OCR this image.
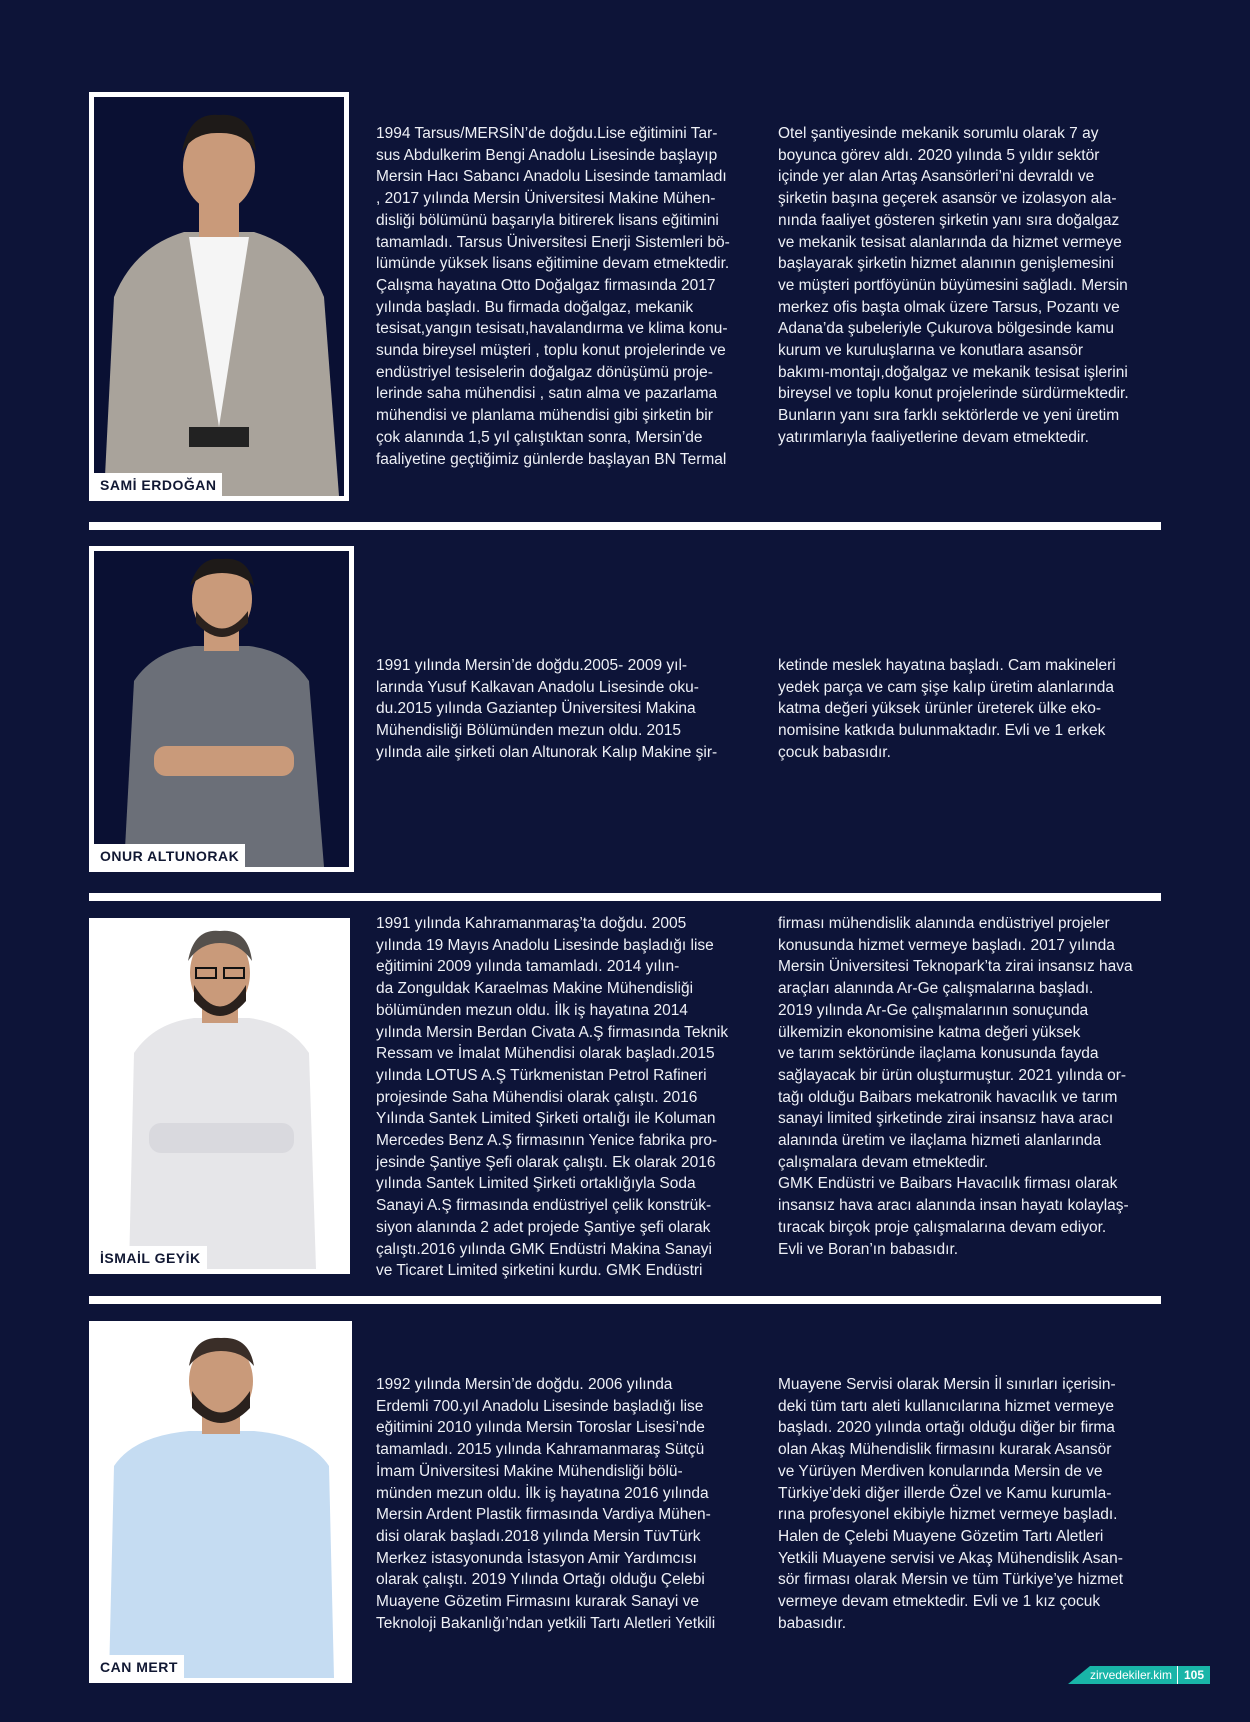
SAMİ ERDOĞAN
1994 Tarsus/MERSİN’de doğdu.Lise eğitimini Tar-
sus Abdulkerim Bengi Anadolu Lisesinde başlayıp
Mersin Hacı Sabancı Anadolu Lisesinde tamamladı
, 2017 yılında Mersin Üniversitesi Makine Mühen-
disliği bölümünü başarıyla bitirerek lisans eğitimini
tamamladı. Tarsus Üniversitesi Enerji Sistemleri bö-
lümünde yüksek lisans eğitimine devam etmektedir.
Çalışma hayatına Otto Doğalgaz firmasında 2017
yılında başladı. Bu firmada doğalgaz, mekanik
tesisat,yangın tesisatı,havalandırma ve klima konu-
sunda bireysel müşteri , toplu konut projelerinde ve
endüstriyel tesiselerin doğalgaz dönüşümü proje-
lerinde saha mühendisi , satın alma ve pazarlama
mühendisi ve planlama mühendisi gibi şirketin bir
çok alanında 1,5 yıl çalıştıktan sonra, Mersin’de
faaliyetine geçtiğimiz günlerde başlayan BN Termal
Otel şantiyesinde mekanik sorumlu olarak 7 ay
boyunca görev aldı. 2020 yılında 5 yıldır sektör
içinde yer alan Artaş Asansörleri’ni devraldı ve
şirketin başına geçerek asansör ve izolasyon ala-
nında faaliyet gösteren şirketin yanı sıra doğalgaz
ve mekanik tesisat alanlarında da hizmet vermeye
başlayarak şirketin hizmet alanının genişlemesini
ve müşteri portföyünün büyümesini sağladı. Mersin
merkez ofis başta olmak üzere Tarsus, Pozantı ve
Adana’da şubeleriyle Çukurova bölgesinde kamu
kurum ve kuruluşlarına ve konutlara asansör
bakımı-montajı,doğalgaz ve mekanik tesisat işlerini
bireysel ve toplu konut projelerinde sürdürmektedir.
Bunların yanı sıra farklı sektörlerde ve yeni üretim
yatırımlarıyla faaliyetlerine devam etmektedir.
ONUR ALTUNORAK
1991 yılında Mersin’de doğdu.2005- 2009 yıl-
larında Yusuf Kalkavan Anadolu Lisesinde oku-
du.2015 yılında Gaziantep Üniversitesi Makina
Mühendisliği Bölümünden mezun oldu. 2015
yılında aile şirketi olan Altunorak Kalıp Makine şir-
ketinde meslek hayatına başladı. Cam makineleri
yedek parça ve cam şişe kalıp üretim alanlarında
katma değeri yüksek ürünler üreterek ülke eko-
nomisine katkıda bulunmaktadır. Evli ve 1 erkek
çocuk babasıdır.
İSMAİL GEYİK
1991 yılında Kahramanmaraş’ta doğdu. 2005
yılında 19 Mayıs Anadolu Lisesinde başladığı lise
eğitimini 2009 yılında tamamladı. 2014 yılın-
da Zonguldak Karaelmas Makine Mühendisliği
bölümünden mezun oldu. İlk iş hayatına 2014
yılında Mersin Berdan Civata A.Ş firmasında Teknik
Ressam ve İmalat Mühendisi olarak başladı.2015
yılında LOTUS A.Ş Türkmenistan Petrol Rafineri
projesinde Saha Mühendisi olarak çalıştı. 2016
Yılında Santek Limited Şirketi ortalığı ile Koluman
Mercedes Benz A.Ş firmasının Yenice fabrika pro-
jesinde Şantiye Şefi olarak çalıştı. Ek olarak 2016
yılında Santek Limited Şirketi ortaklığıyla Soda
Sanayi A.Ş firmasında endüstriyel çelik konstrük-
siyon alanında 2 adet projede Şantiye şefi olarak
çalıştı.2016 yılında GMK Endüstri Makina Sanayi
ve Ticaret Limited şirketini kurdu. GMK Endüstri
firması mühendislik alanında endüstriyel projeler
konusunda hizmet vermeye başladı. 2017 yılında
Mersin Üniversitesi Teknopark’ta zirai insansız hava
araçları alanında Ar-Ge çalışmalarına başladı.
2019 yılında Ar-Ge çalışmalarının sonuçunda
ülkemizin ekonomisine katma değeri yüksek
ve tarım sektöründe ilaçlama konusunda fayda
sağlayacak bir ürün oluşturmuştur. 2021 yılında or-
tağı olduğu Baibars mekatronik havacılık ve tarım
sanayi limited şirketinde zirai insansız hava aracı
alanında üretim ve ilaçlama hizmeti alanlarında
çalışmalara devam etmektedir.
GMK Endüstri ve Baibars Havacılık firması olarak
insansız hava aracı alanında insan hayatı kolaylaş-
tıracak birçok proje çalışmalarına devam ediyor.
Evli ve Boran’ın babasıdır.
CAN MERT
1992 yılında Mersin’de doğdu. 2006 yılında
Erdemli 700.yıl Anadolu Lisesinde başladığı lise
eğitimini 2010 yılında Mersin Toroslar Lisesi’nde
tamamladı. 2015 yılında Kahramanmaraş Sütçü
İmam Üniversitesi Makine Mühendisliği bölü-
münden mezun oldu. İlk iş hayatına 2016 yılında
Mersin Ardent Plastik firmasında Vardiya Mühen-
disi olarak başladı.2018 yılında Mersin TüvTürk
Merkez istasyonunda İstasyon Amir Yardımcısı
olarak çalıştı. 2019 Yılında Ortağı olduğu Çelebi
Muayene Gözetim Firmasını kurarak Sanayi ve
Teknoloji Bakanlığı’ndan yetkili Tartı Aletleri Yetkili
Muayene Servisi olarak Mersin İl sınırları içerisin-
deki tüm tartı aleti kullanıcılarına hizmet vermeye
başladı. 2020 yılında ortağı olduğu diğer bir firma
olan Akaş Mühendislik firmasını kurarak Asansör
ve Yürüyen Merdiven konularında Mersin de ve
Türkiye’deki diğer illerde Özel ve Kamu kurumla-
rına profesyonel ekibiyle hizmet vermeye başladı.
Halen de Çelebi Muayene Gözetim Tartı Aletleri
Yetkili Muayene servisi ve Akaş Mühendislik Asan-
sör firması olarak Mersin ve tüm Türkiye’ye hizmet
vermeye devam etmektedir. Evli ve 1 kız çocuk
babasıdır.
zirvedekiler.kim	105
